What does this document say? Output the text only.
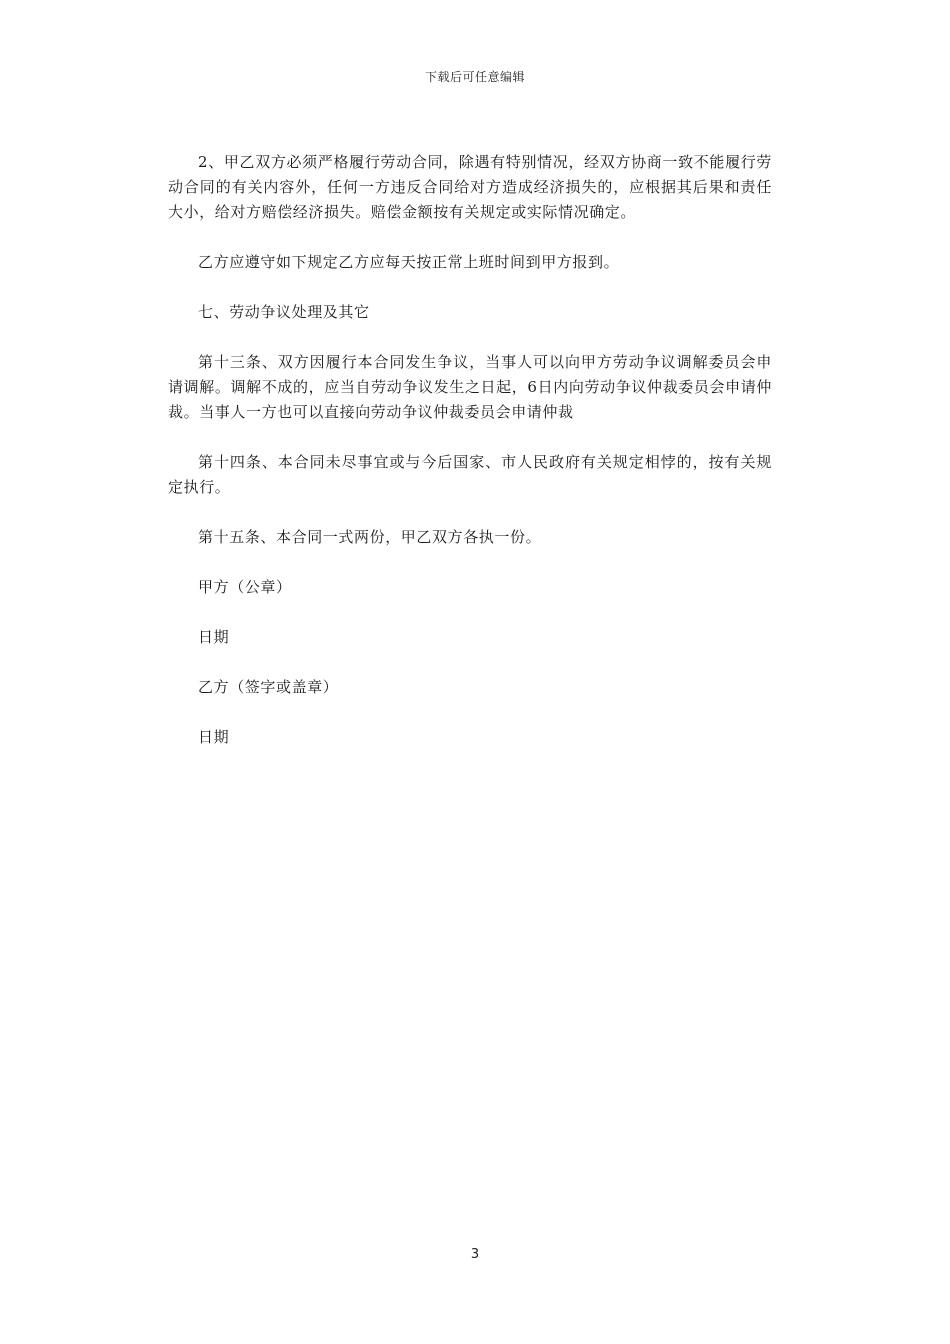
下载后可任意编辑

2、甲乙双方必须严格履行劳动合同，除遇有特别情况，经双方协商一致不能履行劳动合同的有关内容外，任何一方违反合同给对方造成经济损失的，应根据其后果和责任大小，给对方赔偿经济损失。赔偿金额按有关规定或实际情况确定。

乙方应遵守如下规定乙方应每天按正常上班时间到甲方报到。

七、劳动争议处理及其它

第十三条、双方因履行本合同发生争议，当事人可以向甲方劳动争议调解委员会申请调解。调解不成的，应当自劳动争议发生之日起，6日内向劳动争议仲裁委员会申请仲裁。当事人一方也可以直接向劳动争议仲裁委员会申请仲裁

第十四条、本合同未尽事宜或与今后国家、市人民政府有关规定相悖的，按有关规定执行。

第十五条、本合同一式两份，甲乙双方各执一份。

甲方（公章）

日期

乙方（签字或盖章）

日期

3
